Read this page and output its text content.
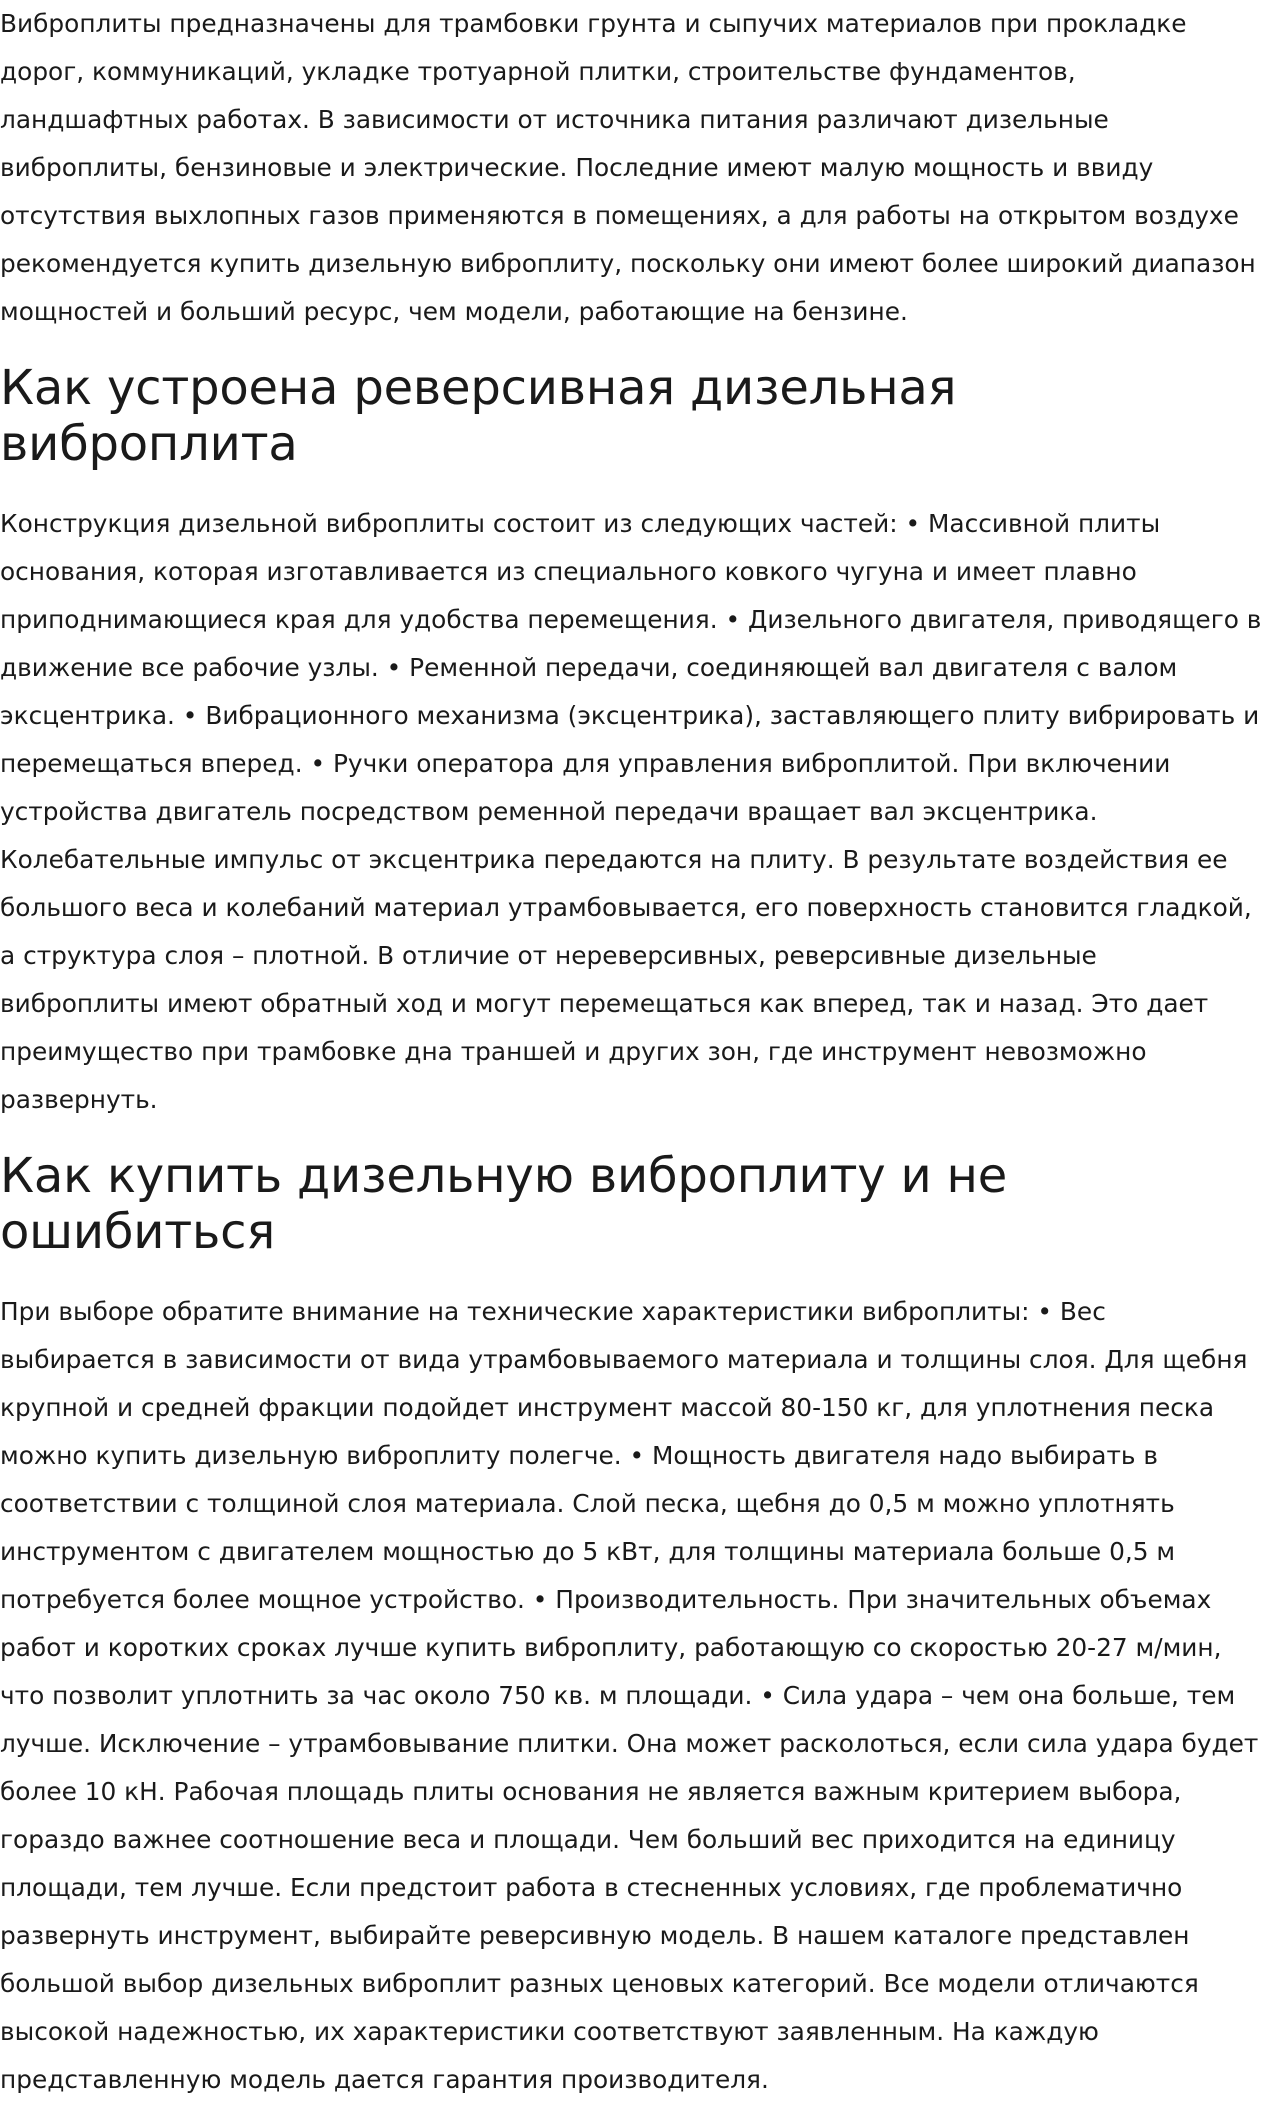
Виброплиты предназначены для трамбовки грунта и сыпучих материалов при прокладке дорог, коммуникаций, укладке тротуарной плитки, строительстве фундаментов, ландшафтных работах. В зависимости от источника питания различают дизельные виброплиты, бензиновые и электрические. Последние имеют малую мощность и ввиду отсутствия выхлопных газов применяются в помещениях, а для работы на открытом воздухе рекомендуется купить дизельную виброплиту, поскольку они имеют более широкий диапазон мощностей и больший ресурс, чем модели, работающие на бензине.

Как устроена реверсивная дизельная виброплита

Конструкция дизельной виброплиты состоит из следующих частей: • Массивной плиты основания, которая изготавливается из специального ковкого чугуна и имеет плавно приподнимающиеся края для удобства перемещения. • Дизельного двигателя, приводящего в движение все рабочие узлы. • Ременной передачи, соединяющей вал двигателя с валом эксцентрика. • Вибрационного механизма (эксцентрика), заставляющего плиту вибрировать и перемещаться вперед. • Ручки оператора для управления виброплитой. При включении устройства двигатель посредством ременной передачи вращает вал эксцентрика. Колебательные импульс от эксцентрика передаются на плиту. В результате воздействия ее большого веса и колебаний материал утрамбовывается, его поверхность становится гладкой, а структура слоя – плотной. В отличие от нереверсивных, реверсивные дизельные виброплиты имеют обратный ход и могут перемещаться как вперед, так и назад. Это дает преимущество при трамбовке дна траншей и других зон, где инструмент невозможно развернуть.

Как купить дизельную виброплиту и не ошибиться

При выборе обратите внимание на технические характеристики виброплиты: • Вес выбирается в зависимости от вида утрамбовываемого материала и толщины слоя. Для щебня крупной и средней фракции подойдет инструмент массой 80-150 кг, для уплотнения песка можно купить дизельную виброплиту полегче. • Мощность двигателя надо выбирать в соответствии с толщиной слоя материала. Слой песка, щебня до 0,5 м можно уплотнять инструментом с двигателем мощностью до 5 кВт, для толщины материала больше 0,5 м потребуется более мощное устройство. • Производительность. При значительных объемах работ и коротких сроках лучше купить виброплиту, работающую со скоростью 20-27 м/мин, что позволит уплотнить за час около 750 кв. м площади. • Сила удара – чем она больше, тем лучше. Исключение – утрамбовывание плитки. Она может расколоться, если сила удара будет более 10 кН. Рабочая площадь плиты основания не является важным критерием выбора, гораздо важнее соотношение веса и площади. Чем больший вес приходится на единицу площади, тем лучше. Если предстоит работа в стесненных условиях, где проблематично развернуть инструмент, выбирайте реверсивную модель. В нашем каталоге представлен большой выбор дизельных виброплит разных ценовых категорий. Все модели отличаются высокой надежностью, их характеристики соответствуют заявленным. На каждую представленную модель дается гарантия производителя.
